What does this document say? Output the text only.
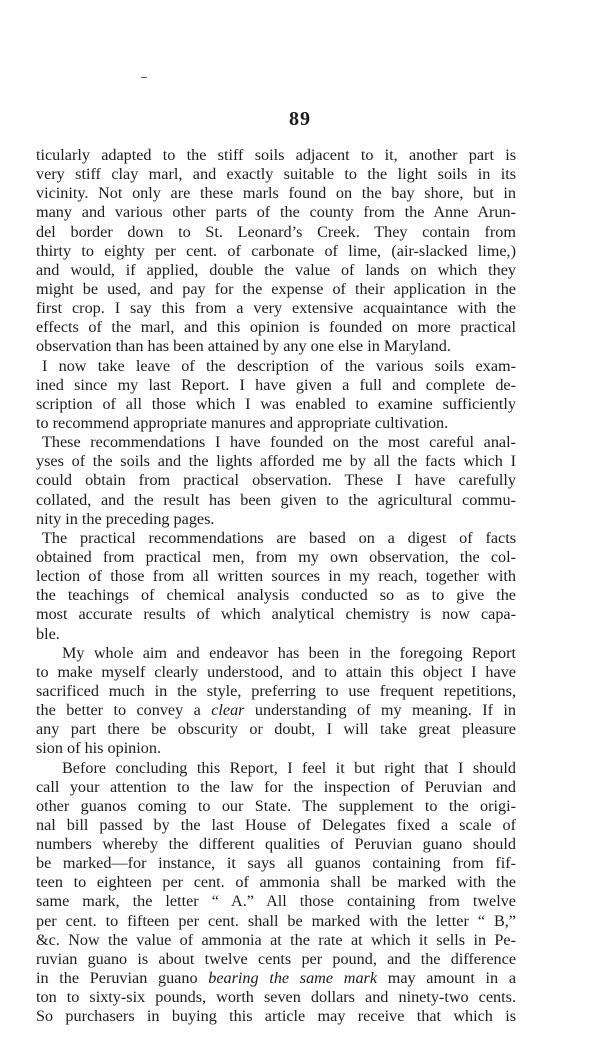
89
ticularly adapted to the stiff soils adjacent to it, another part is
very stiff clay marl, and exactly suitable to the light soils in its
vicinity. Not only are these marls found on the bay shore, but in
many and various other parts of the county from the Anne Arun-
del border down to St. Leonard’s Creek. They contain from
thirty to eighty per cent. of carbonate of lime, (air-slacked lime,)
and would, if applied, double the value of lands on which they
might be used, and pay for the expense of their application in the
first crop. I say this from a very extensive acquaintance with the
effects of the marl, and this opinion is founded on more practical
observation than has been attained by any one else in Maryland.
I now take leave of the description of the various soils exam-
ined since my last Report. I have given a full and complete de-
scription of all those which I was enabled to examine sufficiently
to recommend appropriate manures and appropriate cultivation.
These recommendations I have founded on the most careful anal-
yses of the soils and the lights afforded me by all the facts which I
could obtain from practical observation. These I have carefully
collated, and the result has been given to the agricultural commu-
nity in the preceding pages.
The practical recommendations are based on a digest of facts
obtained from practical men, from my own observation, the col-
lection of those from all written sources in my reach, together with
the teachings of chemical analysis conducted so as to give the
most accurate results of which analytical chemistry is now capa-
ble.
My whole aim and endeavor has been in the foregoing Report
to make myself clearly understood, and to attain this object I have
sacrificed much in the style, preferring to use frequent repetitions,
the better to convey a clear understanding of my meaning. If in
any part there be obscurity or doubt, I will take great pleasure
sion of his opinion.
Before concluding this Report, I feel it but right that I should
call your attention to the law for the inspection of Peruvian and
other guanos coming to our State. The supplement to the origi-
nal bill passed by the last House of Delegates fixed a scale of
numbers whereby the different qualities of Peruvian guano should
be marked—for instance, it says all guanos containing from fif-
teen to eighteen per cent. of ammonia shall be marked with the
same mark, the letter “ A.” All those containing from twelve
per cent. to fifteen per cent. shall be marked with the letter “ B,”
&c. Now the value of ammonia at the rate at which it sells in Pe-
ruvian guano is about twelve cents per pound, and the difference
in the Peruvian guano bearing the same mark may amount in a
ton to sixty-six pounds, worth seven dollars and ninety-two cents.
So purchasers in buying this article may receive that which is
